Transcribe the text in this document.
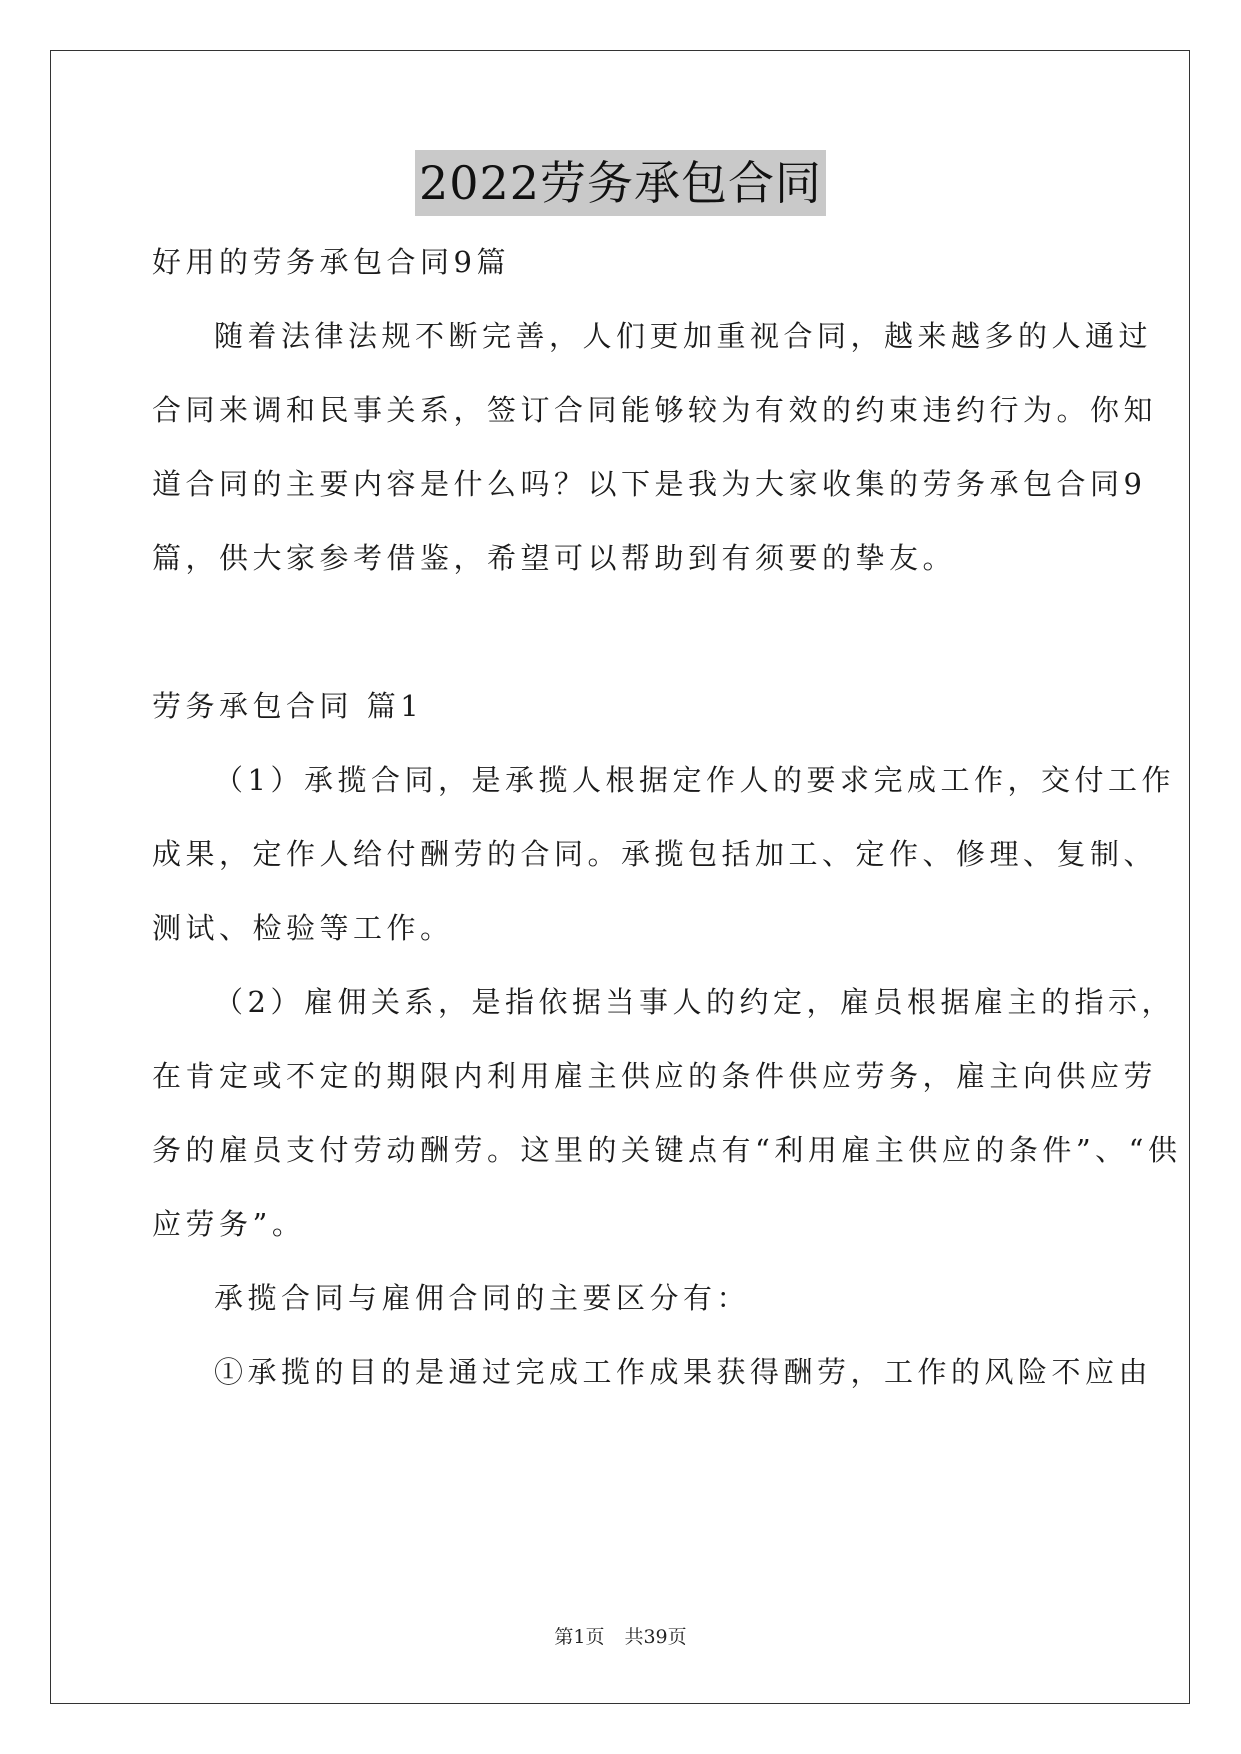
2022劳务承包合同
好用的劳务承包合同9篇
随着法律法规不断完善，人们更加重视合同，越来越多的人通过
合同来调和民事关系，签订合同能够较为有效的约束违约行为。你知
道合同的主要内容是什么吗？以下是我为大家收集的劳务承包合同9
篇，供大家参考借鉴，希望可以帮助到有须要的挚友。
劳务承包合同 篇1
（1）承揽合同，是承揽人根据定作人的要求完成工作，交付工作
成果，定作人给付酬劳的合同。承揽包括加工、定作、修理、复制、
测试、检验等工作。
（2）雇佣关系，是指依据当事人的约定，雇员根据雇主的指示，
在肯定或不定的期限内利用雇主供应的条件供应劳务，雇主向供应劳
务的雇员支付劳动酬劳。这里的关键点有“利用雇主供应的条件”、“供
应劳务”。
承揽合同与雇佣合同的主要区分有：
①承揽的目的是通过完成工作成果获得酬劳，工作的风险不应由
第1页 共39页
